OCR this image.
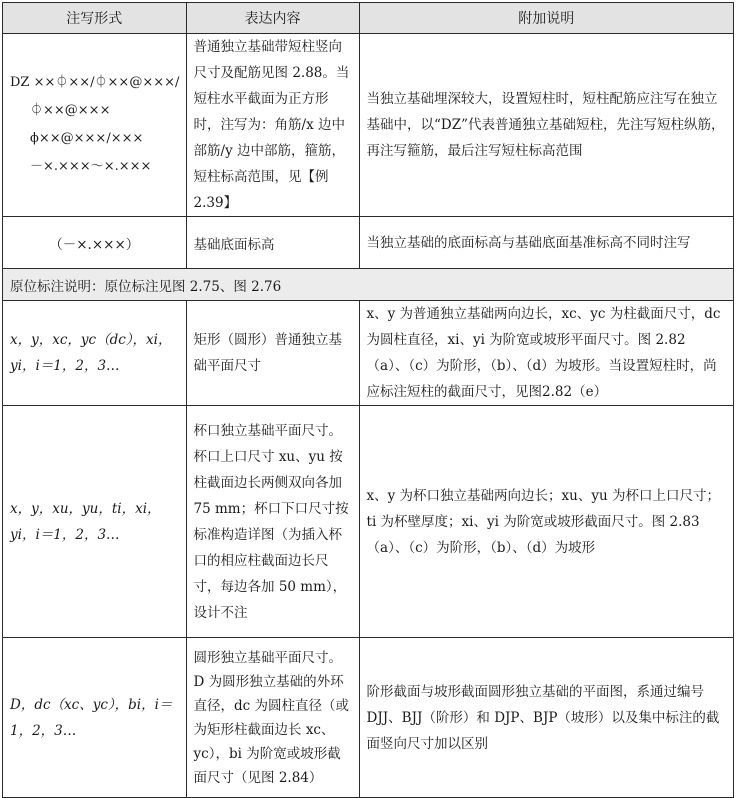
注写形式	表达内容	附加说明

DZ ××⏀××/⏀××@×××/
⏀××@×××
ϕ××@×××/×××
－×.×××～×.×××	普通独立基础带短柱竖向尺寸及配筋见图 2.88。当短柱水平截面为正方形时，注写为：角筋/x 边中部筋/y 边中部筋，箍筋，短柱标高范围，见【例 2.39】	当独立基础埋深较大，设置短柱时，短柱配筋应注写在独立基础中，以“DZ”代表普通独立基础短柱，先注写短柱纵筋，再注写箍筋，最后注写短柱标高范围
（－×.×××）	基础底面标高	当独立基础的底面标高与基础底面基准标高不同时注写
原位标注说明：原位标注见图 2.75、图 2.76		
x，y，xc，yc（dc），xi，yi，i＝1，2，3…	矩形（圆形）普通独立基础平面尺寸	x、y 为普通独立基础两向边长，xc、yc 为柱截面尺寸，dc 为圆柱直径，xi、yi 为阶宽或坡形平面尺寸。图 2.82（a）、（c）为阶形，（b）、（d）为坡形。当设置短柱时，尚应标注短柱的截面尺寸，见图2.82（e）
x，y，xu，yu，ti，xi，yi，i＝1，2，3…	杯口独立基础平面尺寸。杯口上口尺寸 xu、yu 按柱截面边长两侧双向各加 75 mm；杯口下口尺寸按标准构造详图（为插入杯口的相应柱截面边长尺寸，每边各加 50 mm），设计不注	x、y 为杯口独立基础两向边长；xu、yu 为杯口上口尺寸；ti 为杯壁厚度；xi、yi 为阶宽或坡形截面尺寸。图 2.83（a）、（c）为阶形，（b）、（d）为坡形
D，dc（xc、yc），bi，i＝1，2，3…	圆形独立基础平面尺寸。D 为圆形独立基础的外环直径，dc 为圆柱直径（或为矩形柱截面边长 xc、yc），bi 为阶宽或坡形截面尺寸（见图 2.84）	阶形截面与坡形截面圆形独立基础的平面图，系通过编号 DJJ、BJJ（阶形）和 DJP、BJP（坡形）以及集中标注的截面竖向尺寸加以区别
